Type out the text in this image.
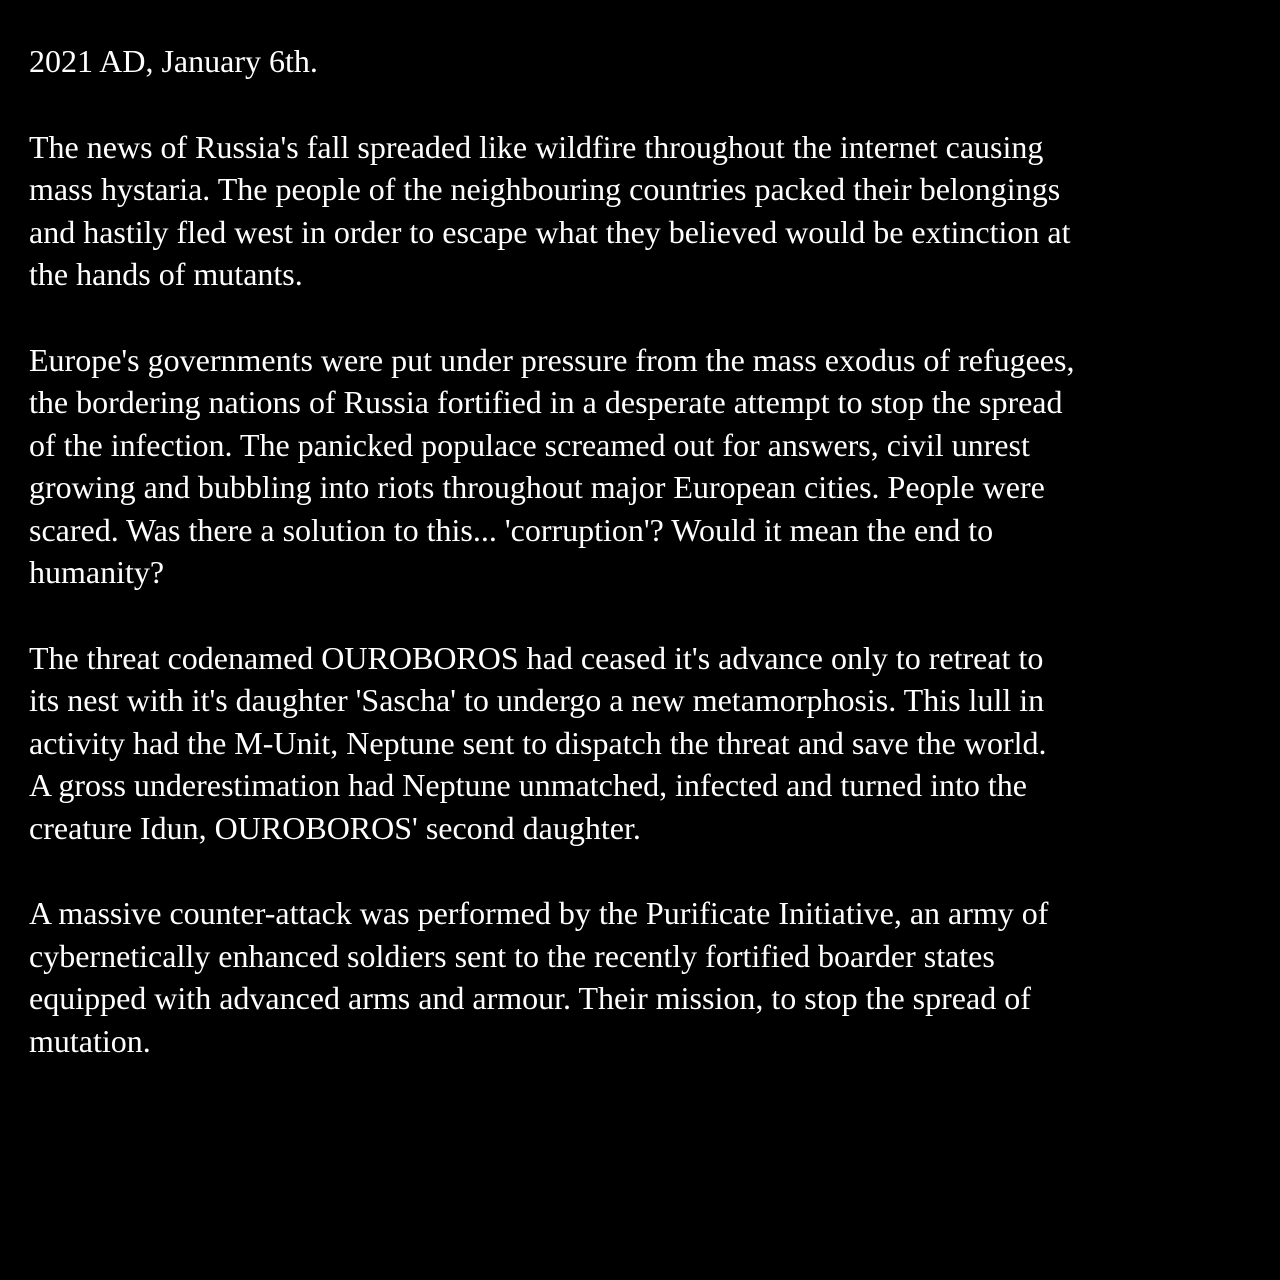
2021 AD, January 6th.
The news of Russia's fall spreaded like wildfire throughout the internet causing
mass hystaria. The people of the neighbouring countries packed their belongings
and hastily fled west in order to escape what they believed would be extinction at
the hands of mutants.
Europe's governments were put under pressure from the mass exodus of refugees,
the bordering nations of Russia fortified in a desperate attempt to stop the spread
of the infection. The panicked populace screamed out for answers, civil unrest
growing and bubbling into riots throughout major European cities. People were
scared. Was there a solution to this... 'corruption'? Would it mean the end to
humanity?
The threat codenamed OUROBOROS had ceased it's advance only to retreat to
its nest with it's daughter 'Sascha' to undergo a new metamorphosis. This lull in
activity had the M-Unit, Neptune sent to dispatch the threat and save the world.
A gross underestimation had Neptune unmatched, infected and turned into the
creature Idun, OUROBOROS' second daughter.
A massive counter-attack was performed by the Purificate Initiative, an army of
cybernetically enhanced soldiers sent to the recently fortified boarder states
equipped with advanced arms and armour. Their mission, to stop the spread of
mutation.
